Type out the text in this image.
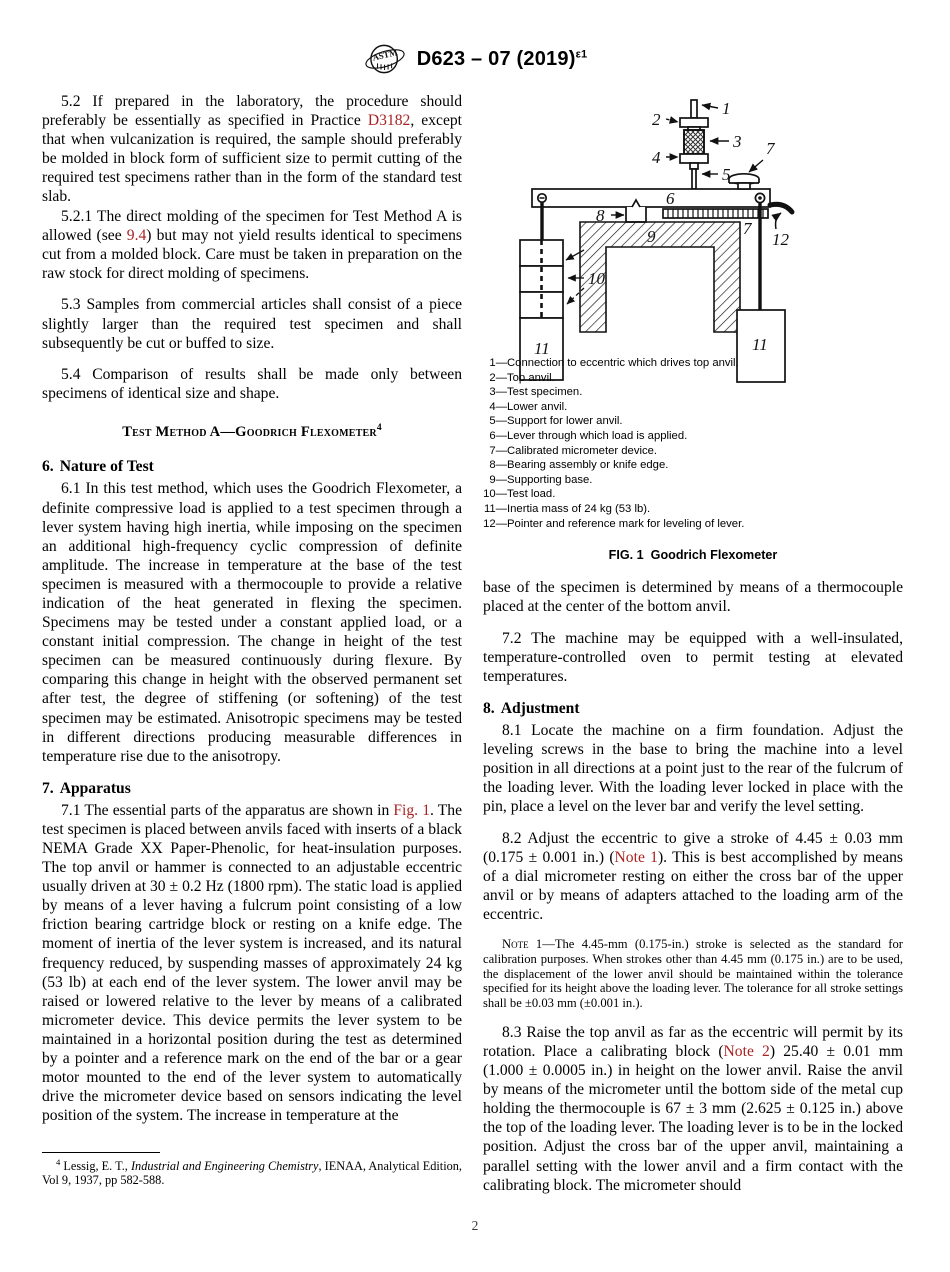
ASTM D623 – 07 $(2019)^{\varepsilon 1}$

5.2 If prepared in the laboratory, the procedure should preferably be essentially as specified in Practice D3182, except that when vulcanization is required, the sample should preferably be molded in block form of sufficient size to permit cutting of the required test specimens rather than in the form of the standard test slab.

5.2.1 The direct molding of the specimen for Test Method A is allowed (see 9.4) but may not yield results identical to specimens cut from a molded block. Care must be taken in preparation on the raw stock for direct molding of specimens.

5.3 Samples from commercial articles shall consist of a piece slightly larger than the required test specimen and shall subsequently be cut or buffed to size.

5.4 Comparison of results shall be made only between specimens of identical size and shape.

Test Method A—Goodrich Flexometer$^4$
6. Nature of Test

6.1 In this test method, which uses the Goodrich Flexometer, a definite compressive load is applied to a test specimen through a lever system having high inertia, while imposing on the specimen an additional high-frequency cyclic compression of definite amplitude. The increase in temperature at the base of the test specimen is measured with a thermocouple to provide a relative indication of the heat generated in flexing the specimen. Specimens may be tested under a constant applied load, or a constant initial compression. The change in height of the test specimen can be measured continuously during flexure. By comparing this change in height with the observed permanent set after test, the degree of stiffening (or softening) of the test specimen may be estimated. Anisotropic specimens may be tested in different directions producing measurable differences in temperature rise due to the anisotropy.

7. Apparatus

7.1 The essential parts of the apparatus are shown in Fig. 1. The test specimen is placed between anvils faced with inserts of a black NEMA Grade XX Paper-Phenolic, for heat-insulation purposes. The top anvil or hammer is connected to an adjustable eccentric usually driven at 30 ± 0.2 Hz (1800 rpm). The static load is applied by means of a lever having a fulcrum point consisting of a low friction bearing cartridge block or resting on a knife edge. The moment of inertia of the lever system is increased, and its natural frequency reduced, by suspending masses of approximately 24 kg (53 lb) at each end of the lever system. The lower anvil may be raised or lowered relative to the lever by means of a calibrated micrometer device. This device permits the lever system to be maintained in a horizontal position during the test as determined by a pointer and a reference mark on the end of the bar or a gear motor mounted to the end of the lever system to automatically drive the micrometer device based on sensors indicating the level position of the system. The increase in temperature at the

$^4$ Lessig, E. T., Industrial and Engineering Chemistry, IENAA, Analytical Edition, Vol 9, 1937, pp 582-588.
1
2
3
4
5
6
7
7
8
9
10
11	11
12
1—Connection to eccentric which drives top anvil.
2—Top anvil.
3—Test specimen.
4—Lower anvil.
5—Support for lower anvil.
6—Lever through which load is applied.
7—Calibrated micrometer device.
8—Bearing assembly or knife edge.
9—Supporting base.
10—Test load.
11—Inertia mass of 24 kg (53 lb).
12—Pointer and reference mark for leveling of lever.
FIG. 1 Goodrich Flexometer

base of the specimen is determined by means of a thermocouple placed at the center of the bottom anvil.

7.2 The machine may be equipped with a well-insulated, temperature-controlled oven to permit testing at elevated temperatures.

8. Adjustment

8.1 Locate the machine on a firm foundation. Adjust the leveling screws in the base to bring the machine into a level position in all directions at a point just to the rear of the fulcrum of the loading lever. With the loading lever locked in place with the pin, place a level on the lever bar and verify the level setting.

8.2 Adjust the eccentric to give a stroke of 4.45 ± 0.03 mm (0.175 ± 0.001 in.) (Note 1). This is best accomplished by means of a dial micrometer resting on either the cross bar of the upper anvil or by means of adapters attached to the loading arm of the eccentric.

Note 1—The 4.45-mm (0.175-in.) stroke is selected as the standard for calibration purposes. When strokes other than 4.45 mm (0.175 in.) are to be used, the displacement of the lower anvil should be maintained within the tolerance specified for its height above the loading lever. The tolerance for all stroke settings shall be ±0.03 mm (±0.001 in.).

8.3 Raise the top anvil as far as the eccentric will permit by its rotation. Place a calibrating block (Note 2) 25.40 ± 0.01 mm (1.000 ± 0.0005 in.) in height on the lower anvil. Raise the anvil by means of the micrometer until the bottom side of the metal cup holding the thermocouple is 67 ± 3 mm (2.625 ± 0.125 in.) above the top of the loading lever. The loading lever is to be in the locked position. Adjust the cross bar of the upper anvil, maintaining a parallel setting with the lower anvil and a firm contact with the calibrating block. The micrometer should

2
